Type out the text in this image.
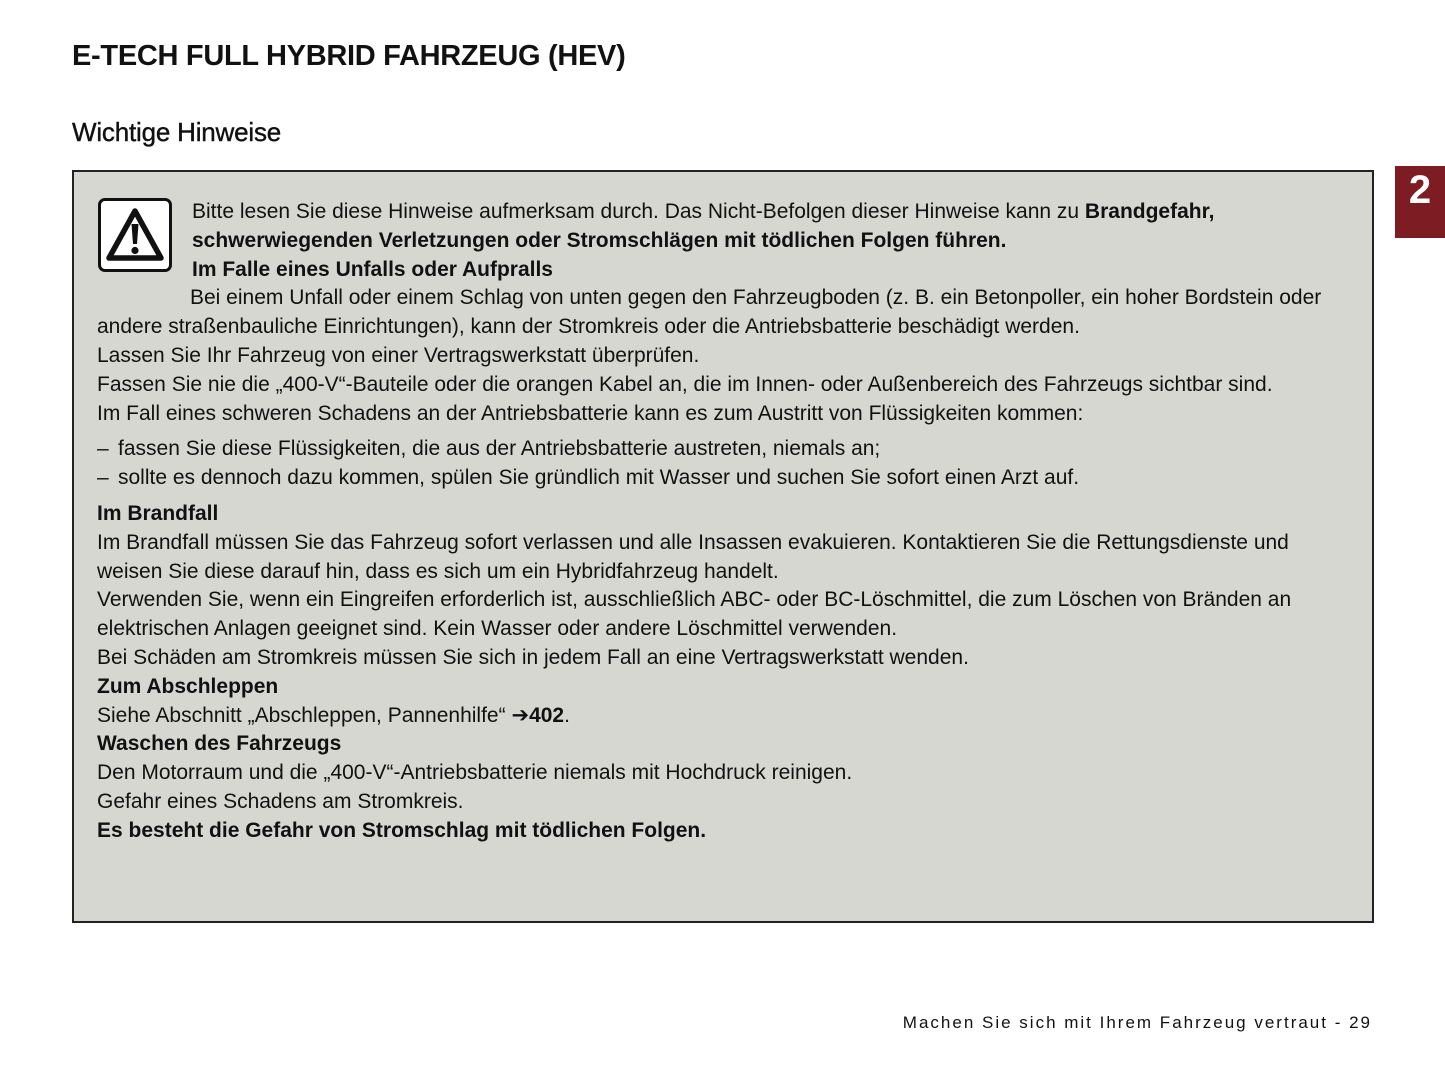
E-TECH FULL HYBRID FAHRZEUG (HEV)
Wichtige Hinweise
2

Bitte lesen Sie diese Hinweise aufmerksam durch. Das Nicht-Befolgen dieser Hinweise kann zu Brandgefahr, schwerwiegenden Verletzungen oder Stromschlägen mit tödlichen Folgen führen.

Im Falle eines Unfalls oder Aufpralls

Bei einem Unfall oder einem Schlag von unten gegen den Fahrzeugboden (z. B. ein Betonpoller, ein hoher Bordstein oder andere straßenbauliche Einrichtungen), kann der Stromkreis oder die Antriebsbatterie beschädigt werden.

Lassen Sie Ihr Fahrzeug von einer Vertragswerkstatt überprüfen.

Fassen Sie nie die „400-V“-Bauteile oder die orangen Kabel an, die im Innen- oder Außenbereich des Fahrzeugs sichtbar sind.

Im Fall eines schweren Schadens an der Antriebsbatterie kann es zum Austritt von Flüssigkeiten kommen:

– fassen Sie diese Flüssigkeiten, die aus der Antriebsbatterie austreten, niemals an;
– sollte es dennoch dazu kommen, spülen Sie gründlich mit Wasser und suchen Sie sofort einen Arzt auf.

Im Brandfall

Im Brandfall müssen Sie das Fahrzeug sofort verlassen und alle Insassen evakuieren. Kontaktieren Sie die Rettungsdienste und weisen Sie diese darauf hin, dass es sich um ein Hybridfahrzeug handelt.

Verwenden Sie, wenn ein Eingreifen erforderlich ist, ausschließlich ABC- oder BC-Löschmittel, die zum Löschen von Bränden an elektrischen Anlagen geeignet sind. Kein Wasser oder andere Löschmittel verwenden.

Bei Schäden am Stromkreis müssen Sie sich in jedem Fall an eine Vertragswerkstatt wenden.

Zum Abschleppen

Siehe Abschnitt „Abschleppen, Pannenhilfe“ ➔402.

Waschen des Fahrzeugs

Den Motorraum und die „400-V“-Antriebsbatterie niemals mit Hochdruck reinigen.

Gefahr eines Schadens am Stromkreis.

Es besteht die Gefahr von Stromschlag mit tödlichen Folgen.

Machen Sie sich mit Ihrem Fahrzeug vertraut - 29
